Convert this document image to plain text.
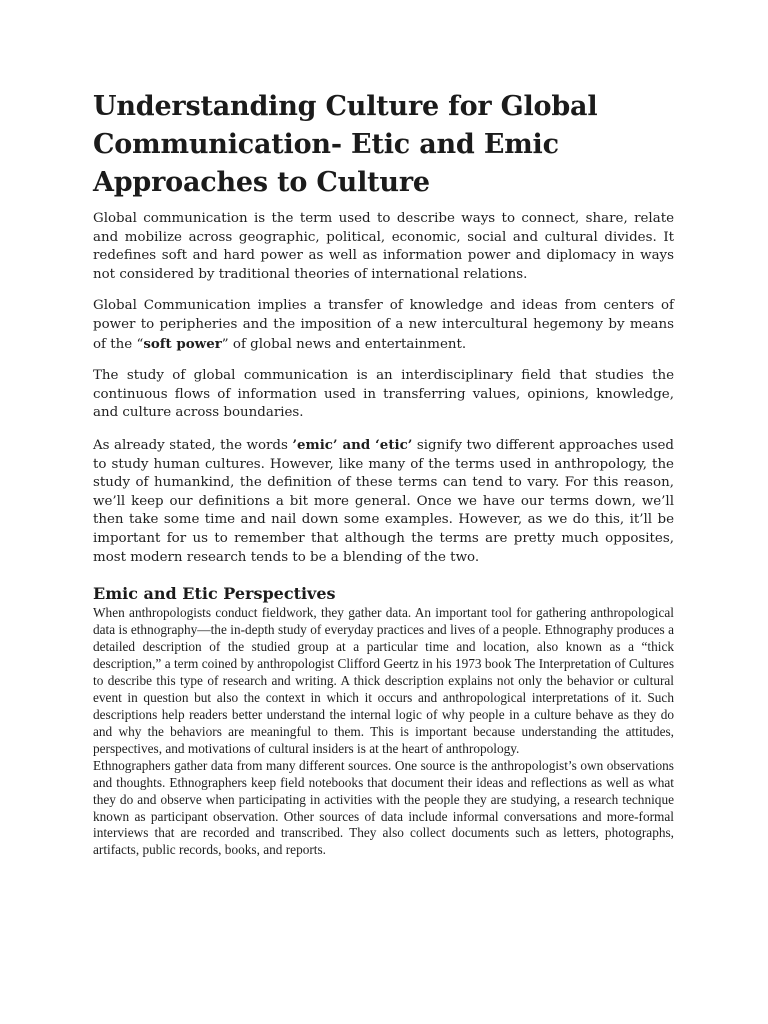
Understanding Culture for Global Communication- Etic and Emic Approaches to Culture

Global communication is the term used to describe ways to connect, share, relate and mobilize across geographic, political, economic, social and cultural divides. It redefines soft and hard power as well as information power and diplomacy in ways not considered by traditional theories of international relations.

Global Communication implies a transfer of knowledge and ideas from centers of power to peripheries and the imposition of a new intercultural hegemony by means of the “soft power” of global news and entertainment.

The study of global communication is an interdisciplinary field that studies the continuous flows of information used in transferring values, opinions, knowledge, and culture across boundaries.

As already stated, the words ’emic’ and ‘etic’ signify two different approaches used to study human cultures. However, like many of the terms used in anthropology, the study of humankind, the definition of these terms can tend to vary. For this reason, we’ll keep our definitions a bit more general. Once we have our terms down, we’ll then take some time and nail down some examples. However, as we do this, it’ll be important for us to remember that although the terms are pretty much opposites, most modern research tends to be a blending of the two.

Emic and Etic Perspectives

When anthropologists conduct fieldwork, they gather data. An important tool for gathering anthropological data is ethnography—the in-depth study of everyday practices and lives of a people. Ethnography produces a detailed description of the studied group at a particular time and location, also known as a “thick description,” a term coined by anthropologist Clifford Geertz in his 1973 book The Interpretation of Cultures to describe this type of research and writing. A thick description explains not only the behavior or cultural event in question but also the context in which it occurs and anthropological interpretations of it. Such descriptions help readers better understand the internal logic of why people in a culture behave as they do and why the behaviors are meaningful to them. This is important because understanding the attitudes, perspectives, and motivations of cultural insiders is at the heart of anthropology.

Ethnographers gather data from many different sources. One source is the anthropologist’s own observations and thoughts. Ethnographers keep field notebooks that document their ideas and reflections as well as what they do and observe when participating in activities with the people they are studying, a research technique known as participant observation. Other sources of data include informal conversations and more-formal interviews that are recorded and transcribed. They also collect documents such as letters, photographs, artifacts, public records, books, and reports.
